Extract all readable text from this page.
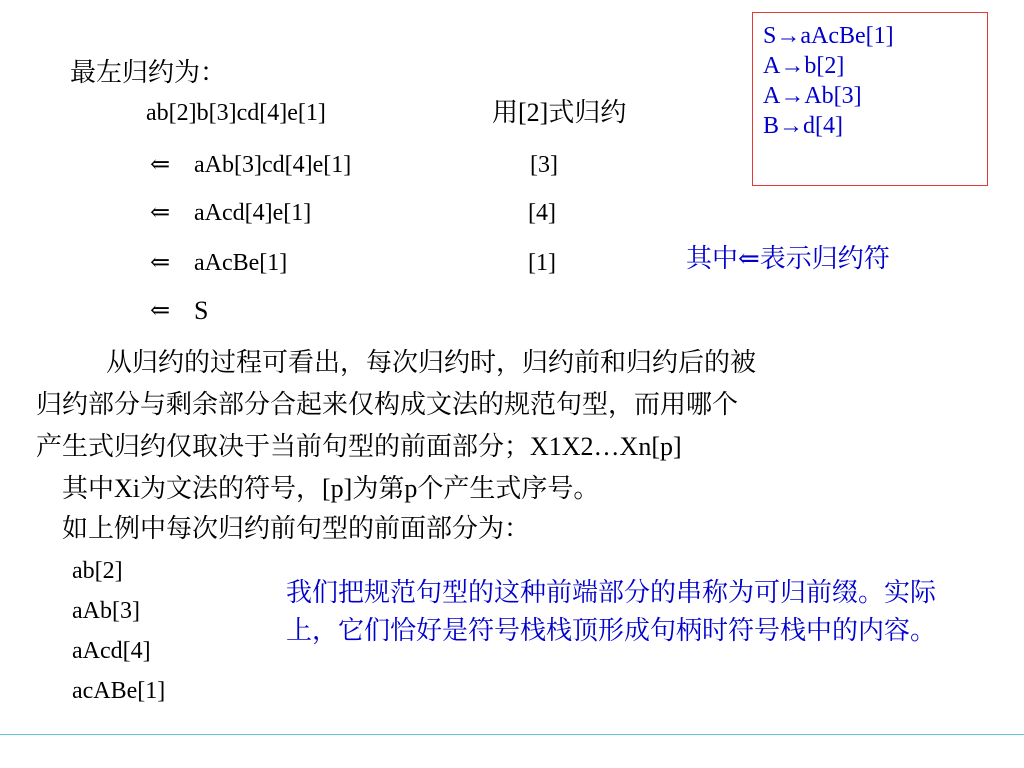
最左归约为：
ab[2]b[3]cd[4]e[1]	用[2]式归约
⇐ aAb[3]cd[4]e[1]	[3]
⇐ aAcd[4]e[1]	[4]
⇐ aAcBe[1]	[1]
⇐ S
S→aAcBe[1]
A→b[2]
A→Ab[3]
B→d[4]
其中⇐表示归约符
从归约的过程可看出，每次归约时，归约前和归约后的被
归约部分与剩余部分合起来仅构成文法的规范句型，而用哪个
产生式归约仅取决于当前句型的前面部分；X1X2…Xn[p]
其中Xi为文法的符号，[p]为第p个产生式序号。
如上例中每次归约前句型的前面部分为：
ab[2]
aAb[3]
aAcd[4]
acABe[1]
我们把规范句型的这种前端部分的串称为可归前缀。实际上，它们恰好是符号栈栈顶形成句柄时符号栈中的内容。
